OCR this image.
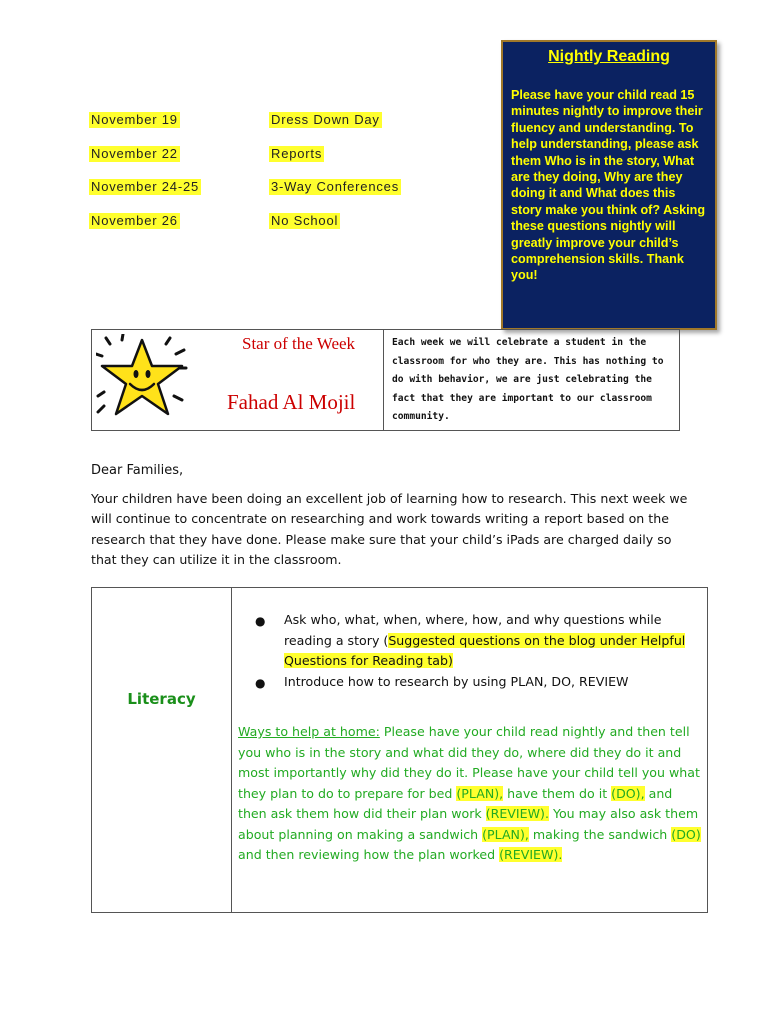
November 19	Dress Down Day
November 22	Reports
November 24-25	3-Way Conferences
November 26	No School
Nightly Reading
Please have your child read 15 minutes nightly to improve their fluency and understanding. To help understanding, please ask them Who is in the story, What are they doing, Why are they doing it and What does this story make you think of? Asking these questions nightly will greatly improve your child’s comprehension skills. Thank you!
Star of the Week
Fahad Al Mojil
Each week we will celebrate a student in the classroom for who they are. This has nothing to do with behavior, we are just celebrating the fact that they are important to our classroom community.
Dear Families,
Your children have been doing an excellent job of learning how to research. This next week we will continue to concentrate on researching and work towards writing a report based on the research that they have done. Please make sure that your child’s iPads are charged daily so that they can utilize it in the classroom.
Literacy
● Ask who, what, when, where, how, and why questions while reading a story (Suggested questions on the blog under Helpful Questions for Reading tab)
● Introduce how to research by using PLAN, DO, REVIEW
Ways to help at home: Please have your child read nightly and then tell you who is in the story and what did they do, where did they do it and most importantly why did they do it. Please have your child tell you what they plan to do to prepare for bed (PLAN), have them do it (DO), and then ask them how did their plan work (REVIEW). You may also ask them about planning on making a sandwich (PLAN), making the sandwich (DO) and then reviewing how the plan worked (REVIEW).
